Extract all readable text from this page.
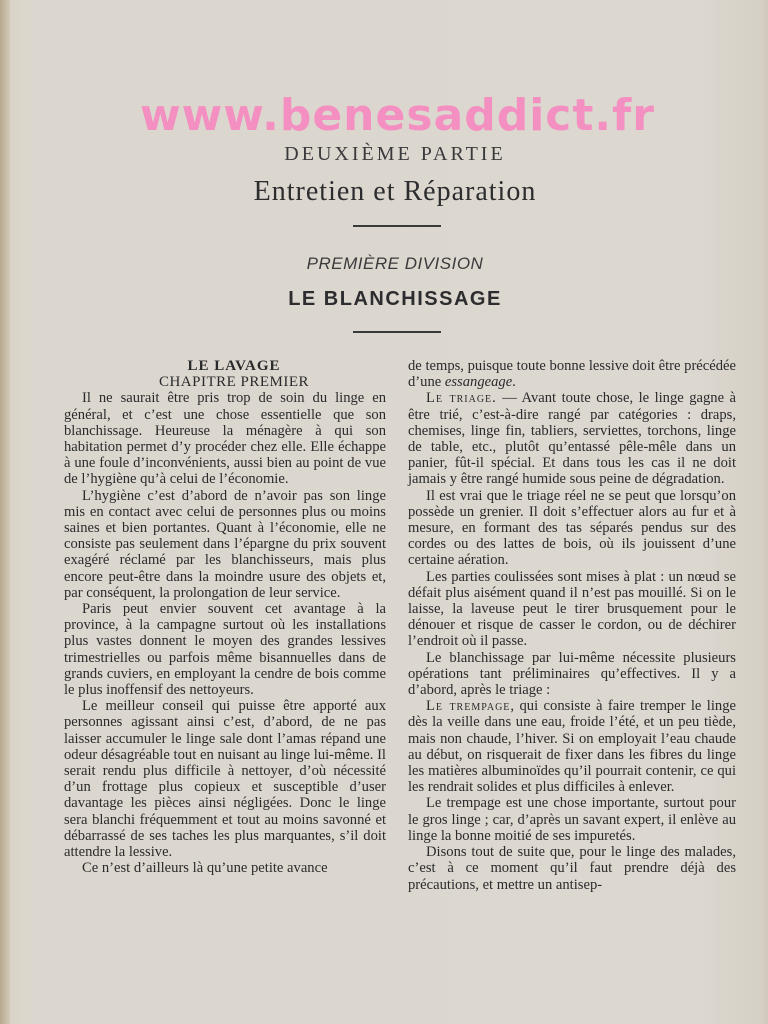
www.benesaddict.fr
DEUXIÈME PARTIE
Entretien et Réparation
PREMIÈRE DIVISION
LE BLANCHISSAGE

LE LAVAGE

CHAPITRE PREMIER

Il ne saurait être pris trop de soin du linge en général, et c’est une chose essentielle que son blanchissage. Heureuse la ménagère à qui son habitation permet d’y procéder chez elle. Elle échappe à une foule d’inconvénients, aussi bien au point de vue de l’hygiène qu’à celui de l’économie.

L’hygiène c’est d’abord de n’avoir pas son linge mis en contact avec celui de personnes plus ou moins saines et bien portantes. Quant à l’économie, elle ne consiste pas seulement dans l’épargne du prix souvent exagéré réclamé par les blanchisseurs, mais plus encore peut-être dans la moindre usure des objets et, par conséquent, la prolongation de leur service.

Paris peut envier souvent cet avantage à la province, à la campagne surtout où les installations plus vastes donnent le moyen des grandes lessives trimestrielles ou parfois même bisannuelles dans de grands cuviers, en employant la cendre de bois comme le plus inoffensif des nettoyeurs.

Le meilleur conseil qui puisse être apporté aux personnes agissant ainsi c’est, d’abord, de ne pas laisser accumuler le linge sale dont l’amas répand une odeur désagréable tout en nuisant au linge lui-même. Il serait rendu plus difficile à nettoyer, d’où nécessité d’un frottage plus copieux et susceptible d’user davantage les pièces ainsi négligées. Donc le linge sera blanchi fréquemment et tout au moins savonné et débarrassé de ses taches les plus marquantes, s’il doit attendre la lessive.

Ce n’est d’ailleurs là qu’une petite avance

de temps, puisque toute bonne lessive doit être précédée d’une essangeage.

Le triage. — Avant toute chose, le linge gagne à être trié, c’est-à-dire rangé par catégories : draps, chemises, linge fin, tabliers, serviettes, torchons, linge de table, etc., plutôt qu’entassé pêle-mêle dans un panier, fût-il spécial. Et dans tous les cas il ne doit jamais y être rangé humide sous peine de dégradation.

Il est vrai que le triage réel ne se peut que lorsqu’on possède un grenier. Il doit s’effectuer alors au fur et à mesure, en formant des tas séparés pendus sur des cordes ou des lattes de bois, où ils jouissent d’une certaine aération.

Les parties coulissées sont mises à plat : un nœud se défait plus aisément quand il n’est pas mouillé. Si on le laisse, la laveuse peut le tirer brusquement pour le dénouer et risque de casser le cordon, ou de déchirer l’endroit où il passe.

Le blanchissage par lui-même nécessite plusieurs opérations tant préliminaires qu’effectives. Il y a d’abord, après le triage :

Le trempage, qui consiste à faire tremper le linge dès la veille dans une eau, froide l’été, et un peu tiède, mais non chaude, l’hiver. Si on employait l’eau chaude au début, on risquerait de fixer dans les fibres du linge les matières albuminoïdes qu’il pourrait contenir, ce qui les rendrait solides et plus difficiles à enlever.

Le trempage est une chose importante, surtout pour le gros linge ; car, d’après un savant expert, il enlève au linge la bonne moitié de ses impuretés.

Disons tout de suite que, pour le linge des malades, c’est à ce moment qu’il faut prendre déjà des précautions, et mettre un antisep-
